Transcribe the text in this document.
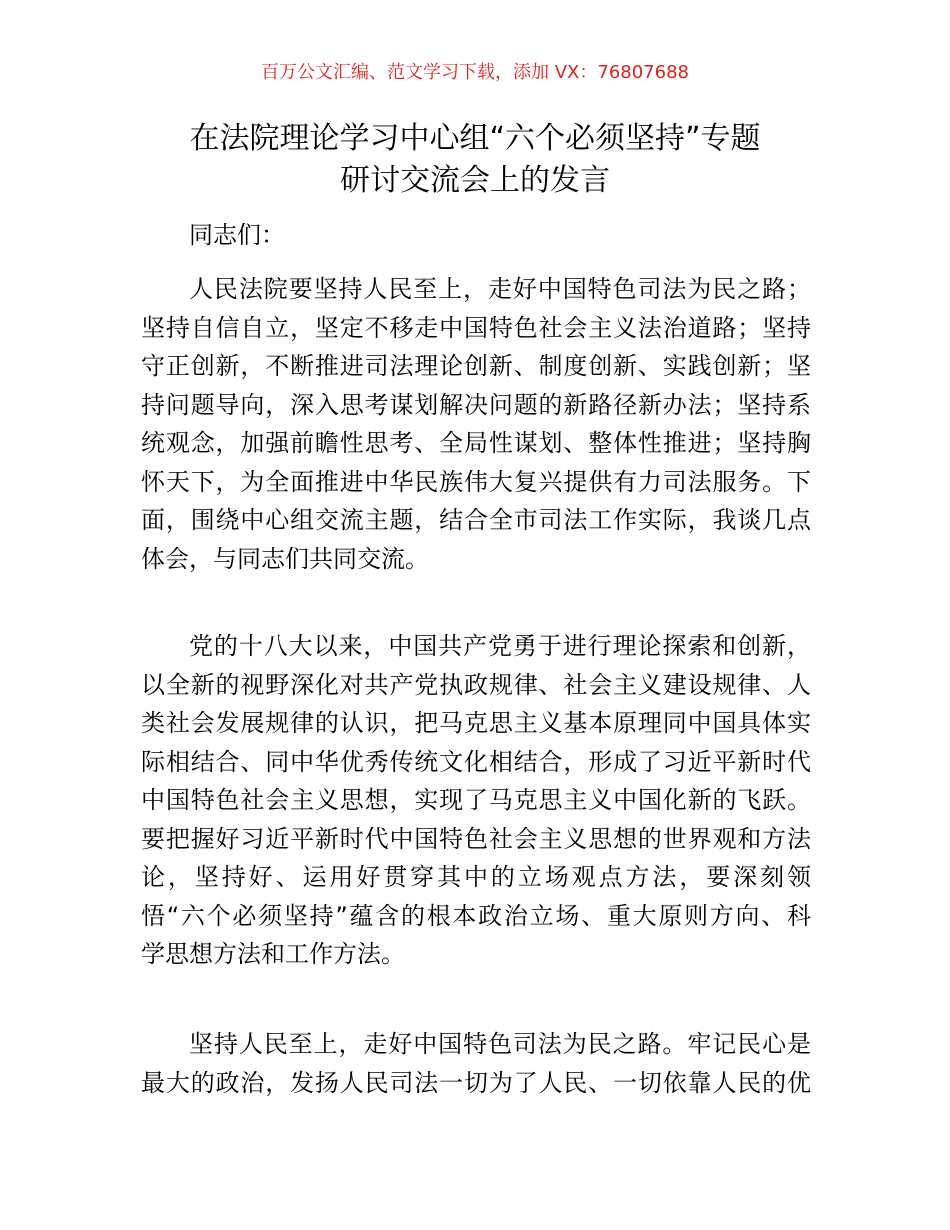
百万公文汇编、范文学习下载，添加 VX：76807688
在法院理论学习中心组“六个必须坚持”专题
研讨交流会上的发言
同志们：
人民法院要坚持人民至上，走好中国特色司法为民之路；
坚持自信自立，坚定不移走中国特色社会主义法治道路；坚持
守正创新，不断推进司法理论创新、制度创新、实践创新；坚
持问题导向，深入思考谋划解决问题的新路径新办法；坚持系
统观念，加强前瞻性思考、全局性谋划、整体性推进；坚持胸
怀天下，为全面推进中华民族伟大复兴提供有力司法服务。下
面，围绕中心组交流主题，结合全市司法工作实际，我谈几点
体会，与同志们共同交流。
党的十八大以来，中国共产党勇于进行理论探索和创新，
以全新的视野深化对共产党执政规律、社会主义建设规律、人
类社会发展规律的认识，把马克思主义基本原理同中国具体实
际相结合、同中华优秀传统文化相结合，形成了习近平新时代
中国特色社会主义思想，实现了马克思主义中国化新的飞跃。
要把握好习近平新时代中国特色社会主义思想的世界观和方法
论，坚持好、运用好贯穿其中的立场观点方法，要深刻领
悟“六个必须坚持”蕴含的根本政治立场、重大原则方向、科
学思想方法和工作方法。
坚持人民至上，走好中国特色司法为民之路。牢记民心是
最大的政治，发扬人民司法一切为了人民、一切依靠人民的优
